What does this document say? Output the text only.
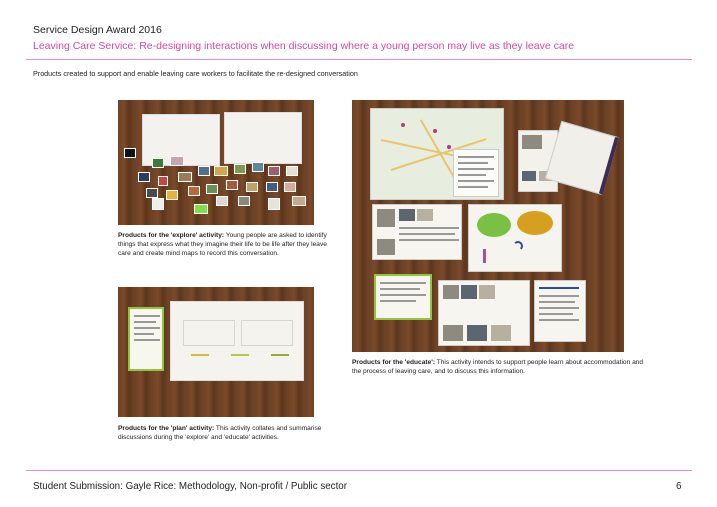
Service Design Award 2016
Leaving Care Service: Re-designing interactions when discussing where a young person may live as they leave care
Products created to support and enable leaving care workers to facilitate the re-designed conversation
Products for the 'explore' activity: Young people are asked to identify things that express what they imagine their life to be life after they leave care and create mind maps to record this conversation.
Products for the 'plan' activity: This activity collates and summarise discussions during the 'explore' and 'educate' activities.
Products for the 'educate': This activity intends to support people learn about accommodation and the process of leaving care, and to discuss this information.
Student Submission: Gayle Rice: Methodology, Non-profit / Public sector	6
